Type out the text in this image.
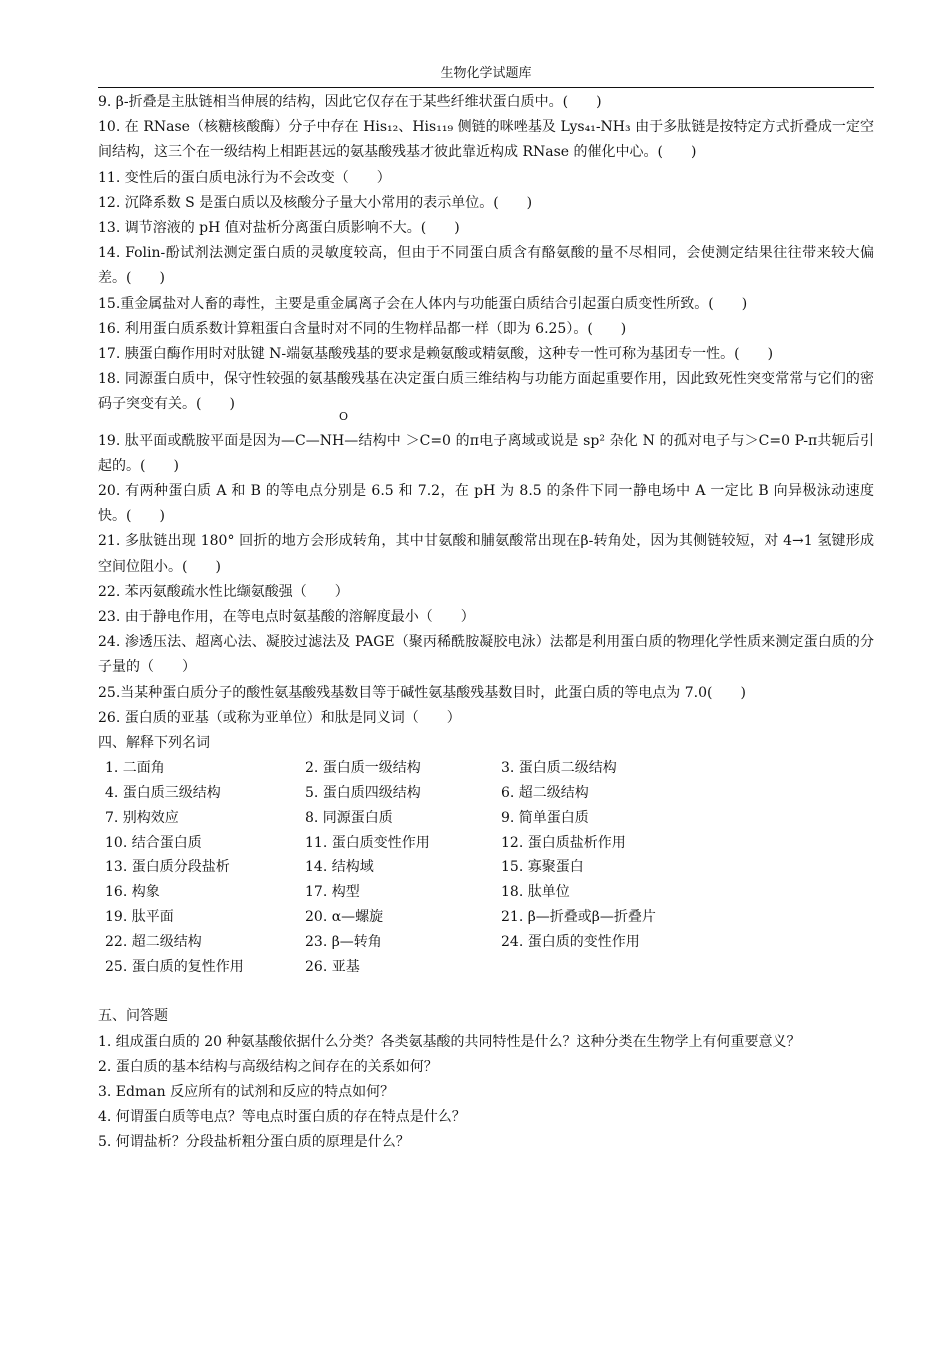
生物化学试题库

9. β-折叠是主肽链相当伸展的结构，因此它仅存在于某些纤维状蛋白质中。(　　)

10. 在 RNase（核糖核酸酶）分子中存在 His₁₂、His₁₁₉ 侧链的咪唑基及 Lys₄₁-NH₃ 由于多肽链是按特定方式折叠成一定空间结构，这三个在一级结构上相距甚远的氨基酸残基才彼此靠近构成 RNase 的催化中心。(　　)

11. 变性后的蛋白质电泳行为不会改变（　　）

12. 沉降系数 S 是蛋白质以及核酸分子量大小常用的表示单位。(　　)

13. 调节溶液的 pH 值对盐析分离蛋白质影响不大。(　　)

14. Folin-酚试剂法测定蛋白质的灵敏度较高，但由于不同蛋白质含有酪氨酸的量不尽相同，会使测定结果往往带来较大偏差。(　　)

15.重金属盐对人畜的毒性，主要是重金属离子会在人体内与功能蛋白质结合引起蛋白质变性所致。(　　)

16. 利用蛋白质系数计算粗蛋白含量时对不同的生物样品都一样（即为 6.25）。(　　)

17. 胰蛋白酶作用时对肽键 N-端氨基酸残基的要求是赖氨酸或精氨酸，这种专一性可称为基团专一性。(　　)

18. 同源蛋白质中，保守性较强的氨基酸残基在决定蛋白质三维结构与功能方面起重要作用，因此致死性突变常常与它们的密码子突变有关。(　　)

O
19. 肽平面或酰胺平面是因为—C—NH—结构中 ＞C=0 的π电子离域或说是 sp² 杂化 N 的孤对电子与＞C=0 P-π共轭后引起的。(　　)

20. 有两种蛋白质 A 和 B 的等电点分别是 6.5 和 7.2，在 pH 为 8.5 的条件下同一静电场中 A 一定比 B 向异极泳动速度快。(　　)

21. 多肽链出现 180° 回折的地方会形成转角，其中甘氨酸和脯氨酸常出现在β-转角处，因为其侧链较短，对 4→1 氢键形成空间位阻小。(　　)

22. 苯丙氨酸疏水性比缬氨酸强（　　）

23. 由于静电作用，在等电点时氨基酸的溶解度最小（　　）

24. 渗透压法、超离心法、凝胶过滤法及 PAGE（聚丙稀酰胺凝胶电泳）法都是利用蛋白质的物理化学性质来测定蛋白质的分子量的（　　）

25.当某种蛋白质分子的酸性氨基酸残基数目等于碱性氨基酸残基数目时，此蛋白质的等电点为 7.0(　　)

26. 蛋白质的亚基（或称为亚单位）和肽是同义词（　　）

四、解释下列名词

1. 二面角	2. 蛋白质一级结构	3. 蛋白质二级结构
4. 蛋白质三级结构	5. 蛋白质四级结构	6. 超二级结构
7. 别构效应	8. 同源蛋白质	9. 简单蛋白质
10. 结合蛋白质	11. 蛋白质变性作用	12. 蛋白质盐析作用
13. 蛋白质分段盐析	14. 结构域	15. 寡聚蛋白
16. 构象	17. 构型	18. 肽单位
19. 肽平面	20. α—螺旋	21. β—折叠或β—折叠片
22. 超二级结构	23. β—转角	24. 蛋白质的变性作用
25. 蛋白质的复性作用	26. 亚基

五、问答题

1. 组成蛋白质的 20 种氨基酸依据什么分类？各类氨基酸的共同特性是什么？这种分类在生物学上有何重要意义？

2. 蛋白质的基本结构与高级结构之间存在的关系如何？

3. Edman 反应所有的试剂和反应的特点如何？

4. 何谓蛋白质等电点？等电点时蛋白质的存在特点是什么？

5. 何谓盐析？分段盐析粗分蛋白质的原理是什么？
